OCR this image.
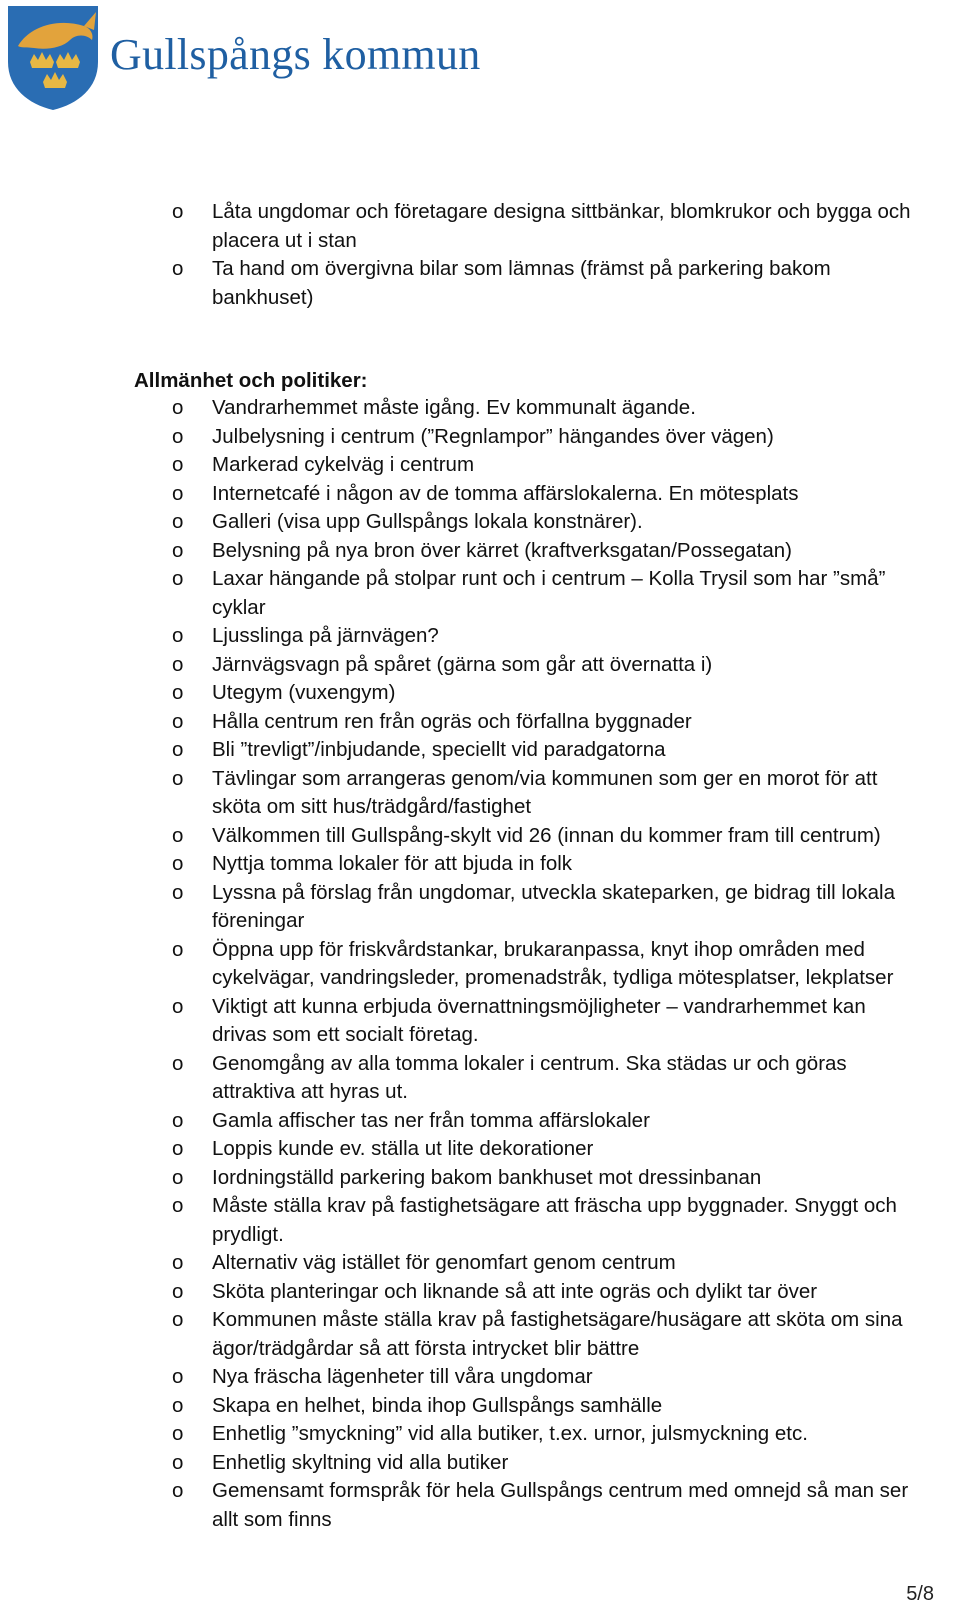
Gullspångs kommun
o Låta ungdomar och företagare designa sittbänkar, blomkrukor och bygga och placera ut i stan
o Ta hand om övergivna bilar som lämnas (främst på parkering bakom bankhuset)
Allmänhet och politiker:
o Vandrarhemmet måste igång. Ev kommunalt ägande.
o Julbelysning i centrum (”Regnlampor” hängandes över vägen)
o Markerad cykelväg i centrum
o Internetcafé i någon av de tomma affärslokalerna. En mötesplats
o Galleri (visa upp Gullspångs lokala konstnärer).
o Belysning på nya bron över kärret (kraftverksgatan/Possegatan)
o Laxar hängande på stolpar runt och i centrum – Kolla Trysil som har ”små” cyklar
o Ljusslinga på järnvägen?
o Järnvägsvagn på spåret (gärna som går att övernatta i)
o Utegym (vuxengym)
o Hålla centrum ren från ogräs och förfallna byggnader
o Bli ”trevligt”/inbjudande, speciellt vid paradgatorna
o Tävlingar som arrangeras genom/via kommunen som ger en morot för att sköta om sitt hus/trädgård/fastighet
o Välkommen till Gullspång-skylt vid 26 (innan du kommer fram till centrum)
o Nyttja tomma lokaler för att bjuda in folk
o Lyssna på förslag från ungdomar, utveckla skateparken, ge bidrag till lokala föreningar
o Öppna upp för friskvårdstankar, brukaranpassa, knyt ihop områden med cykelvägar, vandringsleder, promenadstråk, tydliga mötesplatser, lekplatser
o Viktigt att kunna erbjuda övernattningsmöjligheter – vandrarhemmet kan drivas som ett socialt företag.
o Genomgång av alla tomma lokaler i centrum. Ska städas ur och göras attraktiva att hyras ut.
o Gamla affischer tas ner från tomma affärslokaler
o Loppis kunde ev. ställa ut lite dekorationer
o Iordningställd parkering bakom bankhuset mot dressinbanan
o Måste ställa krav på fastighetsägare att fräscha upp byggnader. Snyggt och prydligt.
o Alternativ väg istället för genomfart genom centrum
o Sköta planteringar och liknande så att inte ogräs och dylikt tar över
o Kommunen måste ställa krav på fastighetsägare/husägare att sköta om sina ägor/trädgårdar så att första intrycket blir bättre
o Nya fräscha lägenheter till våra ungdomar
o Skapa en helhet, binda ihop Gullspångs samhälle
o Enhetlig ”smyckning” vid alla butiker, t.ex. urnor, julsmyckning etc.
o Enhetlig skyltning vid alla butiker
o Gemensamt formspråk för hela Gullspångs centrum med omnejd så man ser allt som finns
5/8
